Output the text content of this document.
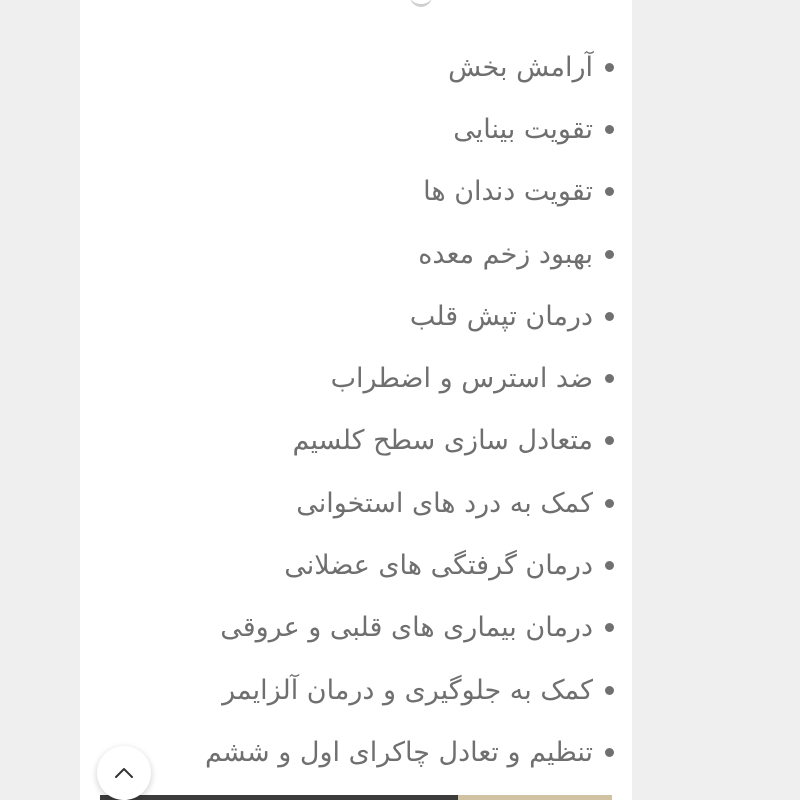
آرامش بخش
تقویت بینایی
تقویت دندان ها
بهبود زخم معده
درمان تپش قلب
ضد استرس و اضطراب
متعادل سازی سطح کلسیم
کمک به درد های استخوانی
درمان گرفتگی های عضلانی
درمان بیماری های قلبی و عروقی
کمک به جلوگیری و درمان آلزایمر
تنظیم و تعادل چاکرای اول و ششم
